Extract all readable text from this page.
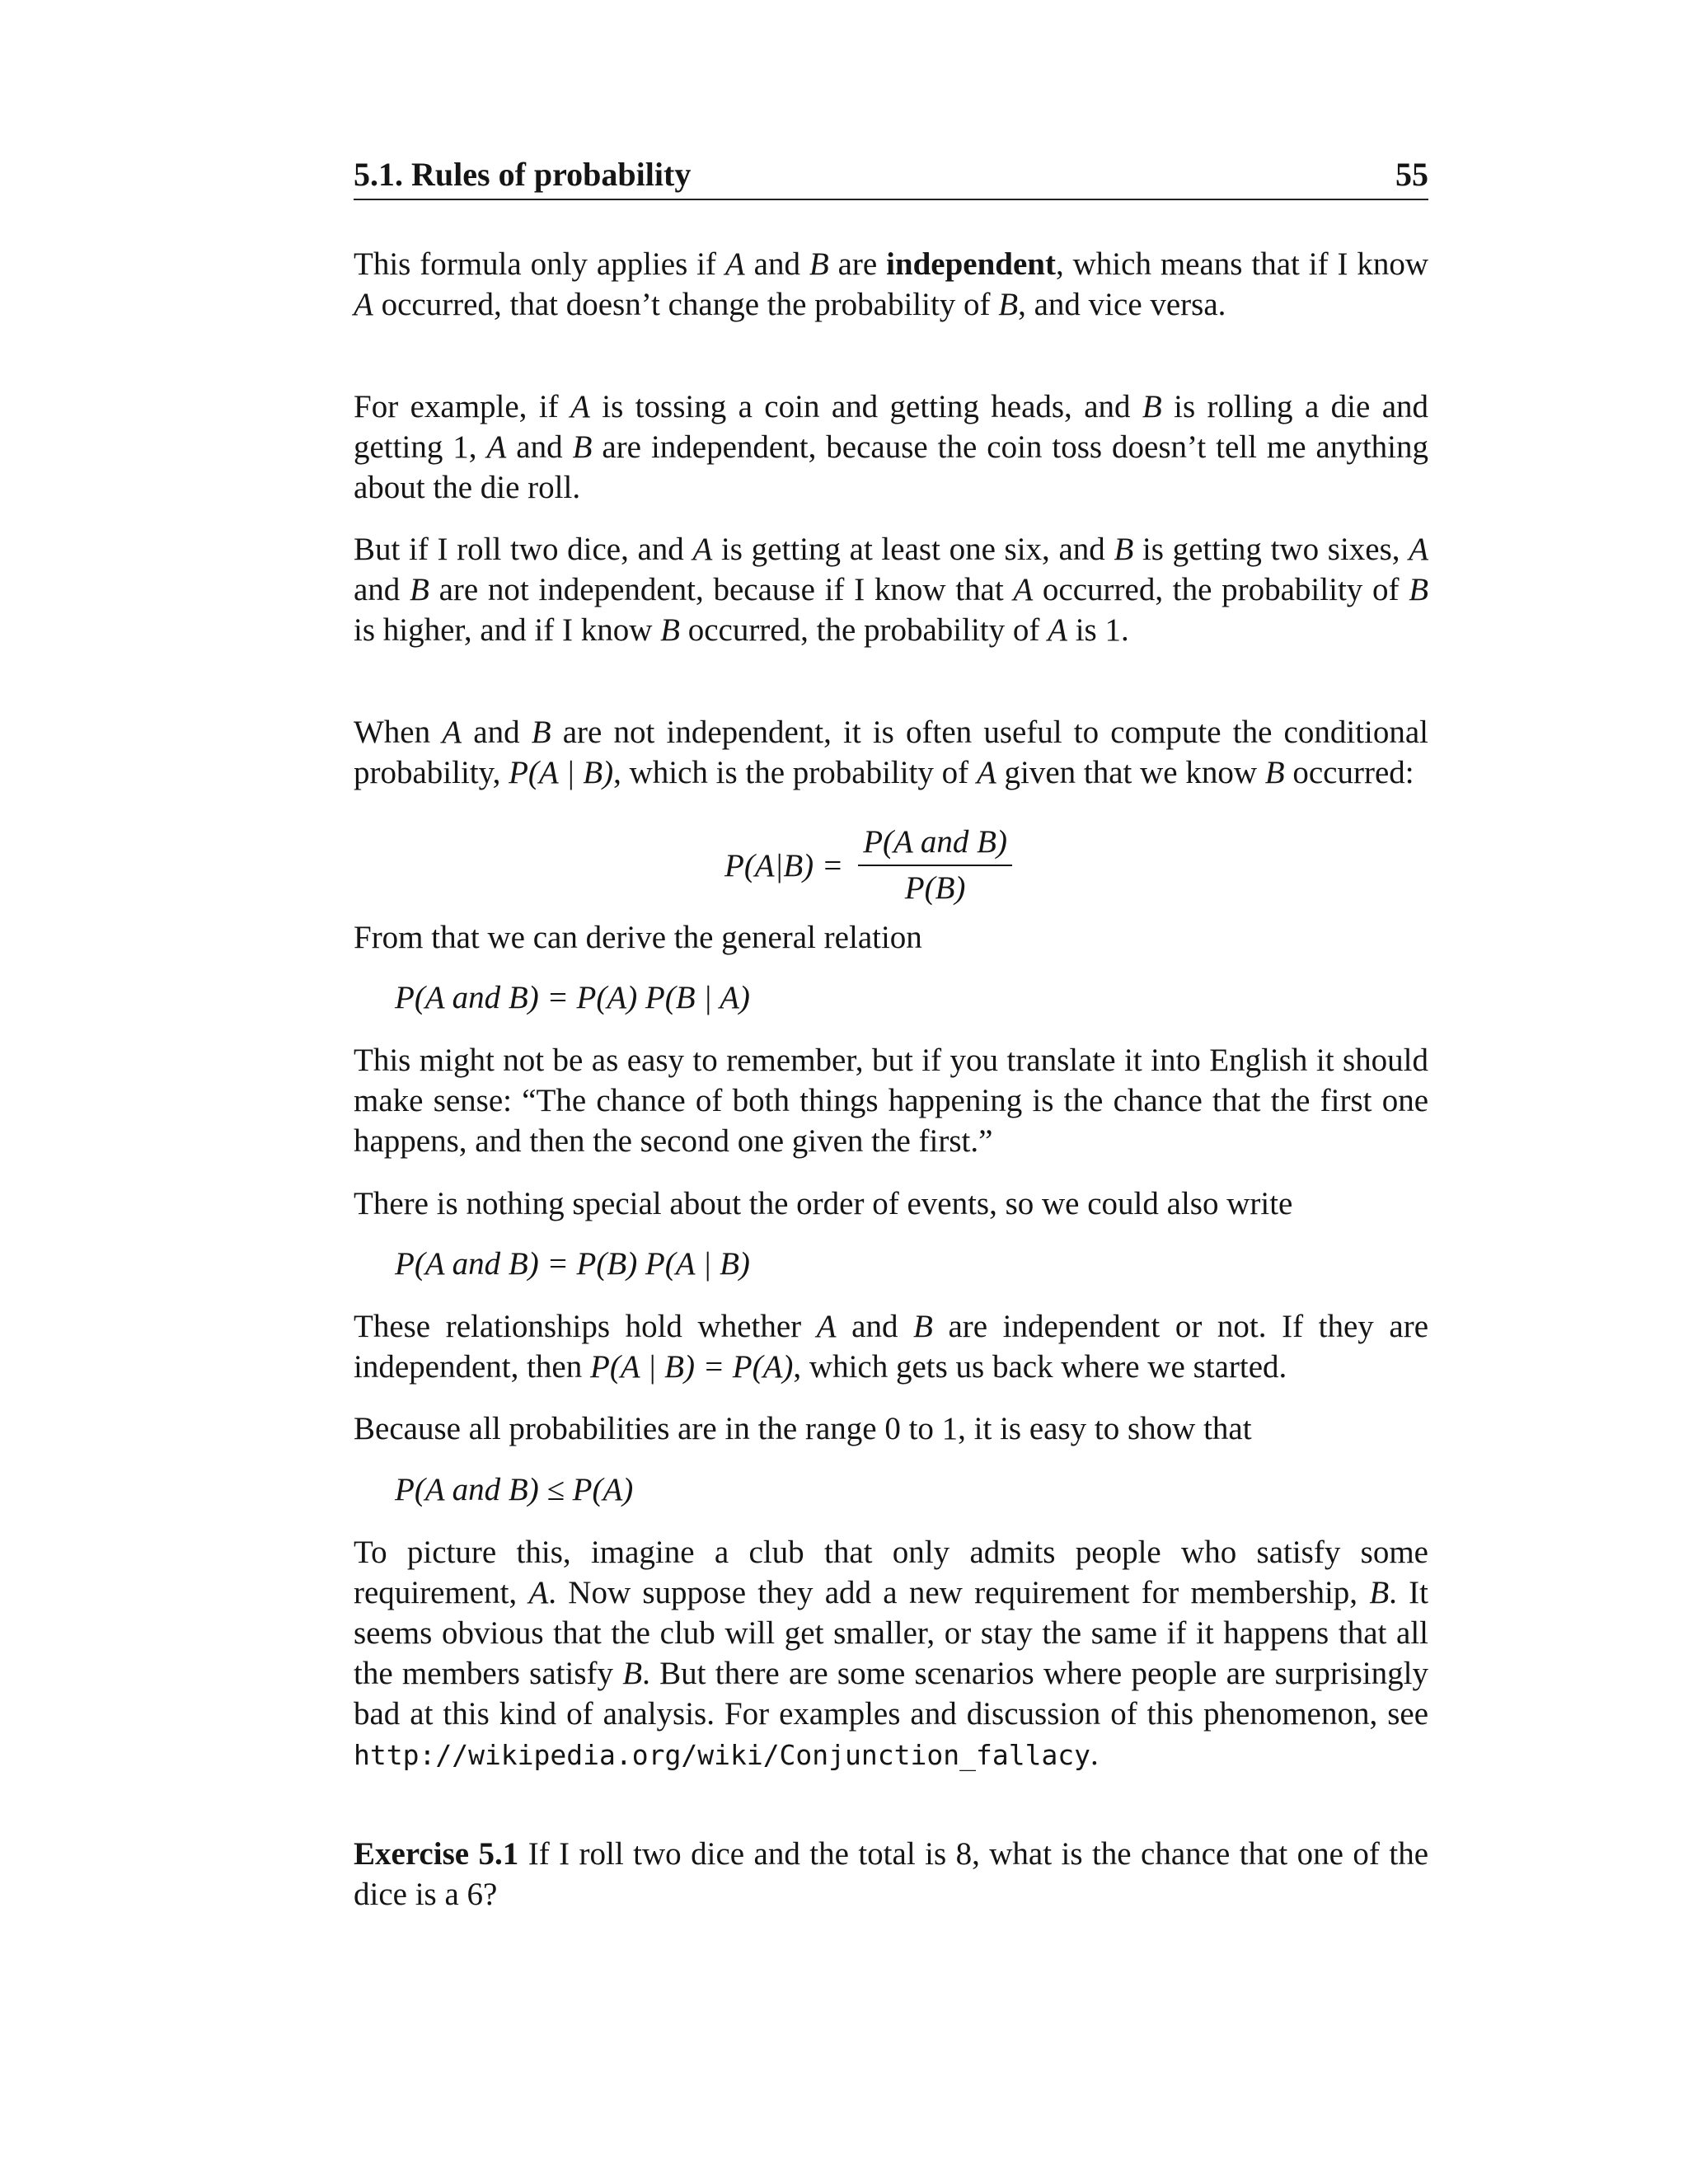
5.1. Rules of probability	55

This formula only applies if A and B are independent, which means that if I know A occurred, that doesn’t change the probability of B, and vice versa.

For example, if A is tossing a coin and getting heads, and B is rolling a die and getting 1, A and B are independent, because the coin toss doesn’t tell me anything about the die roll.

But if I roll two dice, and A is getting at least one six, and B is getting two sixes, A and B are not independent, because if I know that A occurred, the probability of B is higher, and if I know B occurred, the probability of A is 1.

When A and B are not independent, it is often useful to compute the conditional probability, P(A | B), which is the probability of A given that we know B occurred:

$P(A|B) = \frac{\text{P(A and B)}}{P(B)}$

From that we can derive the general relation

P(A and B) = P(A) P(B | A)

This might not be as easy to remember, but if you translate it into English it should make sense: “The chance of both things happening is the chance that the first one happens, and then the second one given the first.”

There is nothing special about the order of events, so we could also write

P(A and B) = P(B) P(A | B)

These relationships hold whether A and B are independent or not. If they are independent, then P(A | B) = P(A), which gets us back where we started.

Because all probabilities are in the range 0 to 1, it is easy to show that

P(A and B) ≤ P(A)

To picture this, imagine a club that only admits people who satisfy some requirement, A. Now suppose they add a new requirement for membership, B. It seems obvious that the club will get smaller, or stay the same if it happens that all the members satisfy B. But there are some scenarios where people are surprisingly bad at this kind of analysis. For examples and discussion of this phenomenon, see http://wikipedia.org/wiki/Conjunction_fallacy.

Exercise 5.1 If I roll two dice and the total is 8, what is the chance that one of the dice is a 6?
